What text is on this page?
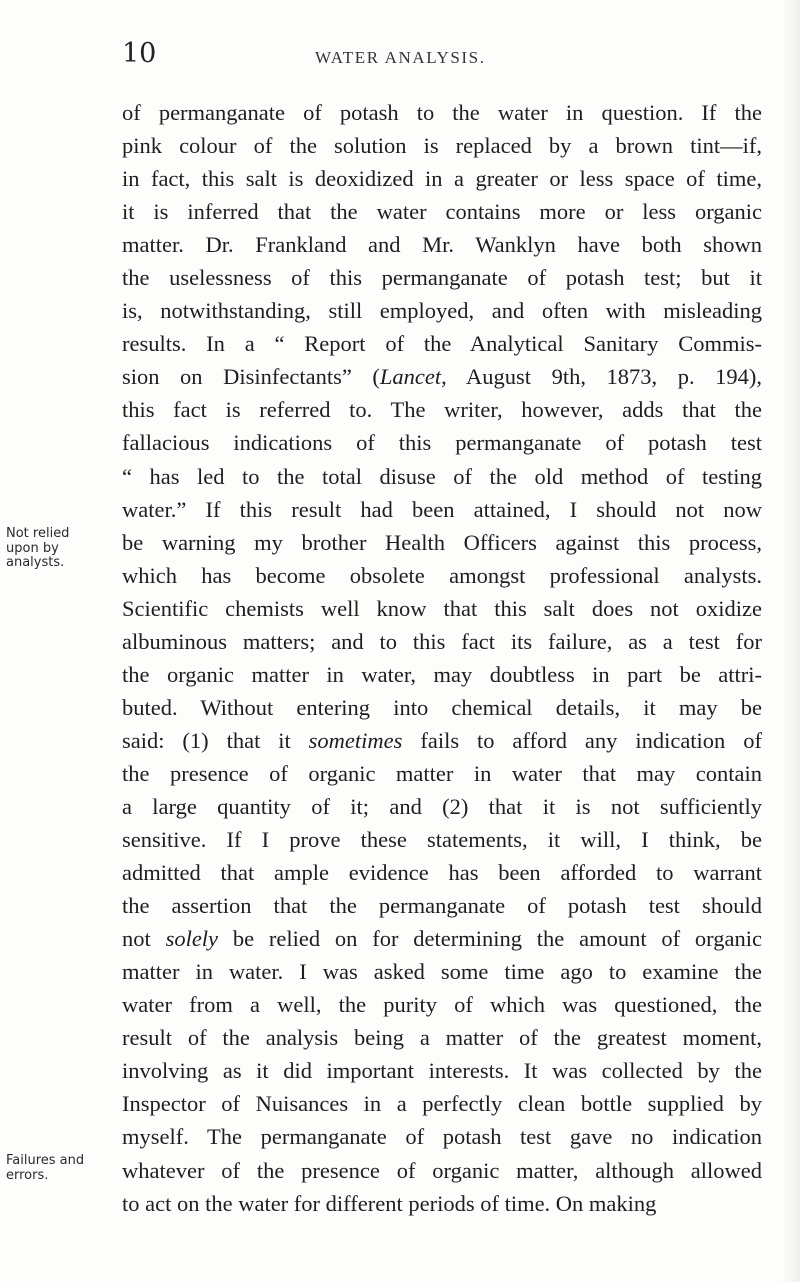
10	WATER ANALYSIS.
Not relied upon by analysts.
Failures and errors.

of permanganate of potash to the water in question. If the
pink colour of the solution is replaced by a brown tint—if,
in fact, this salt is deoxidized in a greater or less space of time,
it is inferred that the water contains more or less organic
matter. Dr. Frankland and Mr. Wanklyn have both shown
the uselessness of this permanganate of potash test; but it
is, notwithstanding, still employed, and often with misleading
results. In a “ Report of the Analytical Sanitary Commis-
sion on Disinfectants” (Lancet, August 9th, 1873, p. 194),
this fact is referred to. The writer, however, adds that the
fallacious indications of this permanganate of potash test
“ has led to the total disuse of the old method of testing
water.” If this result had been attained, I should not now
be warning my brother Health Officers against this process,
which has become obsolete amongst professional analysts.
Scientific chemists well know that this salt does not oxidize
albuminous matters; and to this fact its failure, as a test for
the organic matter in water, may doubtless in part be attri-
buted. Without entering into chemical details, it may be
said: (1) that it sometimes fails to afford any indication of
the presence of organic matter in water that may contain
a large quantity of it; and (2) that it is not sufficiently
sensitive. If I prove these statements, it will, I think, be
admitted that ample evidence has been afforded to warrant
the assertion that the permanganate of potash test should
not solely be relied on for determining the amount of organic
matter in water. I was asked some time ago to examine the
water from a well, the purity of which was questioned, the
result of the analysis being a matter of the greatest moment,
involving as it did important interests. It was collected by the
Inspector of Nuisances in a perfectly clean bottle supplied by
myself. The permanganate of potash test gave no indication
whatever of the presence of organic matter, although allowed
to act on the water for different periods of time. On making
